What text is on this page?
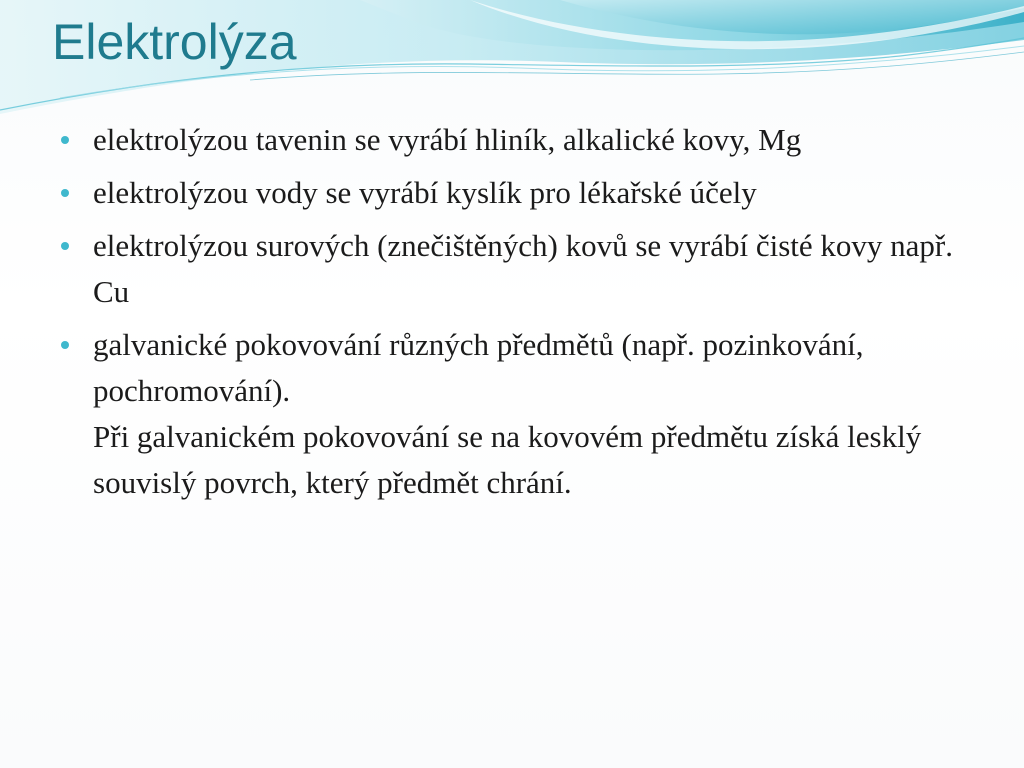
Elektrolýza
elektrolýzou tavenin se vyrábí hliník, alkalické kovy, Mg
elektrolýzou vody se vyrábí kyslík pro lékařské účely
elektrolýzou surových (znečištěných) kovů se vyrábí čisté kovy např. Cu
galvanické pokovování různých předmětů (např. pozinkování, pochromování).
Při galvanickém pokovování se na kovovém předmětu získá lesklý souvislý povrch, který předmět chrání.
